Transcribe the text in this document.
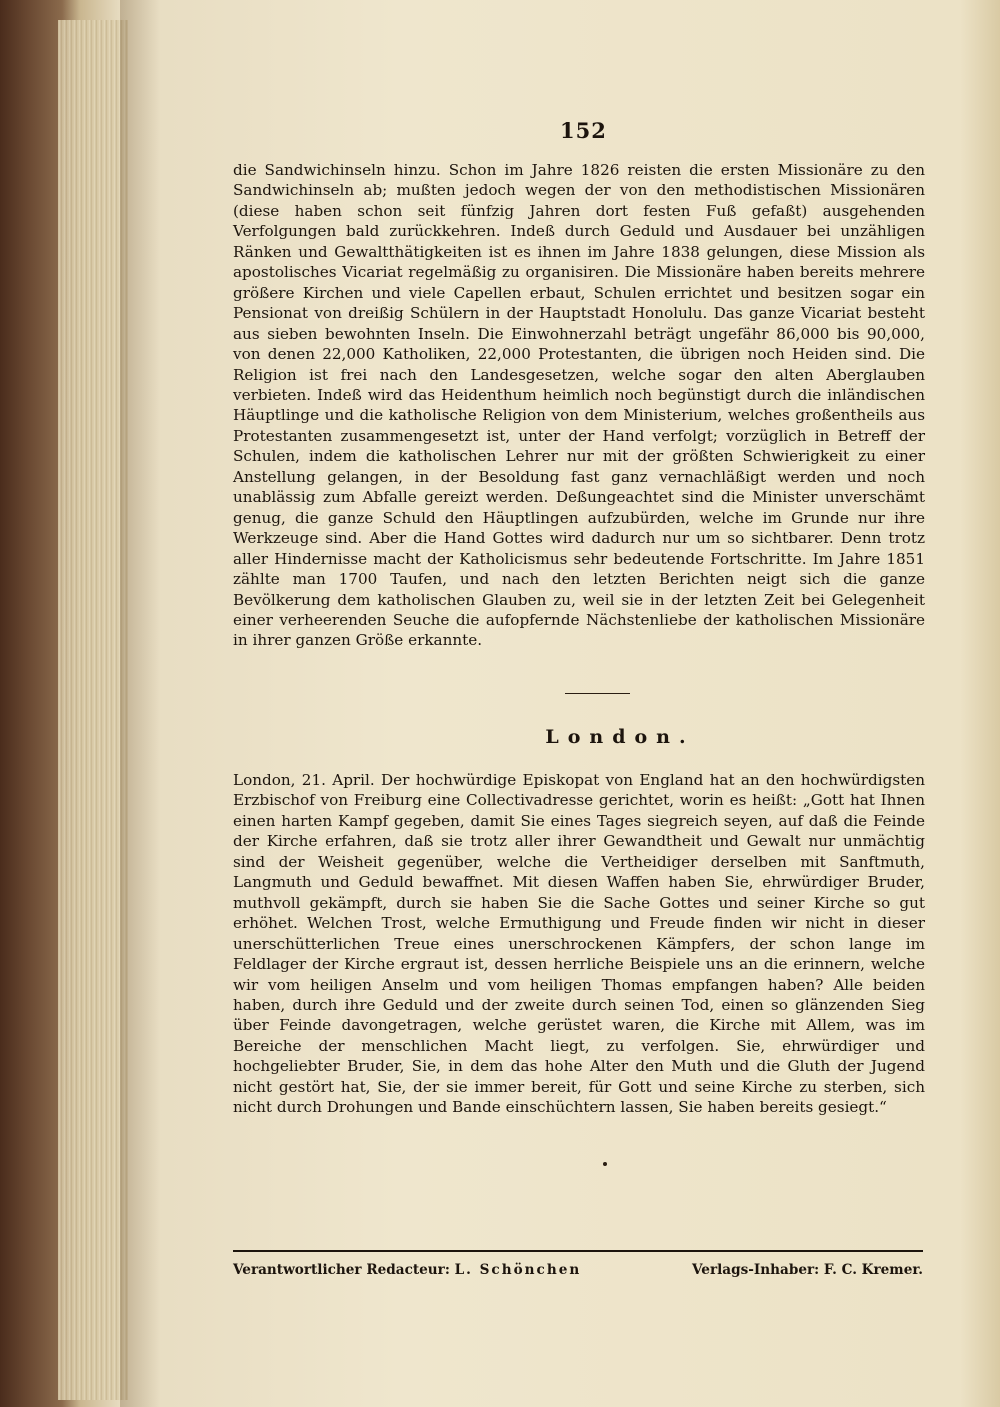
152

die Sandwichinseln hinzu. Schon im Jahre 1826 reisten die ersten Missionäre zu den Sandwichinseln ab; mußten jedoch wegen der von den methodistischen Missionären (diese haben schon seit fünfzig Jahren dort festen Fuß gefaßt) ausgehenden Verfolgungen bald zurückkehren. Indeß durch Geduld und Ausdauer bei unzähligen Ränken und Gewaltthätigkeiten ist es ihnen im Jahre 1838 gelungen, diese Mission als apostolisches Vicariat regelmäßig zu organisiren. Die Missionäre haben bereits mehrere größere Kirchen und viele Capellen erbaut, Schulen errichtet und besitzen sogar ein Pensionat von dreißig Schülern in der Hauptstadt Honolulu. Das ganze Vicariat besteht aus sieben bewohnten Inseln. Die Einwohnerzahl beträgt ungefähr 86,000 bis 90,000, von denen 22,000 Katholiken, 22,000 Protestanten, die übrigen noch Heiden sind. Die Religion ist frei nach den Landesgesetzen, welche sogar den alten Aberglauben verbieten. Indeß wird das Heidenthum heimlich noch begünstigt durch die inländischen Häuptlinge und die katholische Religion von dem Ministerium, welches großentheils aus Protestanten zusammengesetzt ist, unter der Hand verfolgt; vorzüglich in Betreff der Schulen, indem die katholischen Lehrer nur mit der größten Schwierigkeit zu einer Anstellung gelangen, in der Besoldung fast ganz vernachläßigt werden und noch unablässig zum Abfalle gereizt werden. Deßungeachtet sind die Minister unverschämt genug, die ganze Schuld den Häuptlingen aufzubürden, welche im Grunde nur ihre Werkzeuge sind. Aber die Hand Gottes wird dadurch nur um so sichtbarer. Denn trotz aller Hindernisse macht der Katholicismus sehr bedeutende Fortschritte. Im Jahre 1851 zählte man 1700 Taufen, und nach den letzten Berichten neigt sich die ganze Bevölkerung dem katholischen Glauben zu, weil sie in der letzten Zeit bei Gelegenheit einer verheerenden Seuche die aufopfernde Nächstenliebe der katholischen Missionäre in ihrer ganzen Größe erkannte.

London.

London, 21. April. Der hochwürdige Episkopat von England hat an den hochwürdigsten Erzbischof von Freiburg eine Collectivadresse gerichtet, worin es heißt: „Gott hat Ihnen einen harten Kampf gegeben, damit Sie eines Tages siegreich seyen, auf daß die Feinde der Kirche erfahren, daß sie trotz aller ihrer Gewandtheit und Gewalt nur unmächtig sind der Weisheit gegenüber, welche die Vertheidiger derselben mit Sanftmuth, Langmuth und Geduld bewaffnet. Mit diesen Waffen haben Sie, ehrwürdiger Bruder, muthvoll gekämpft, durch sie haben Sie die Sache Gottes und seiner Kirche so gut erhöhet. Welchen Trost, welche Ermuthigung und Freude finden wir nicht in dieser unerschütterlichen Treue eines unerschrockenen Kämpfers, der schon lange im Feldlager der Kirche ergraut ist, dessen herrliche Beispiele uns an die erinnern, welche wir vom heiligen Anselm und vom heiligen Thomas empfangen haben? Alle beiden haben, durch ihre Geduld und der zweite durch seinen Tod, einen so glänzenden Sieg über Feinde davongetragen, welche gerüstet waren, die Kirche mit Allem, was im Bereiche der menschlichen Macht liegt, zu verfolgen. Sie, ehrwürdiger und hochgeliebter Bruder, Sie, in dem das hohe Alter den Muth und die Gluth der Jugend nicht gestört hat, Sie, der sie immer bereit, für Gott und seine Kirche zu sterben, sich nicht durch Drohungen und Bande einschüchtern lassen, Sie haben bereits gesiegt.“

Verantwortlicher Redacteur: L. Schönchen	Verlags-Inhaber: F. C. Kremer.
